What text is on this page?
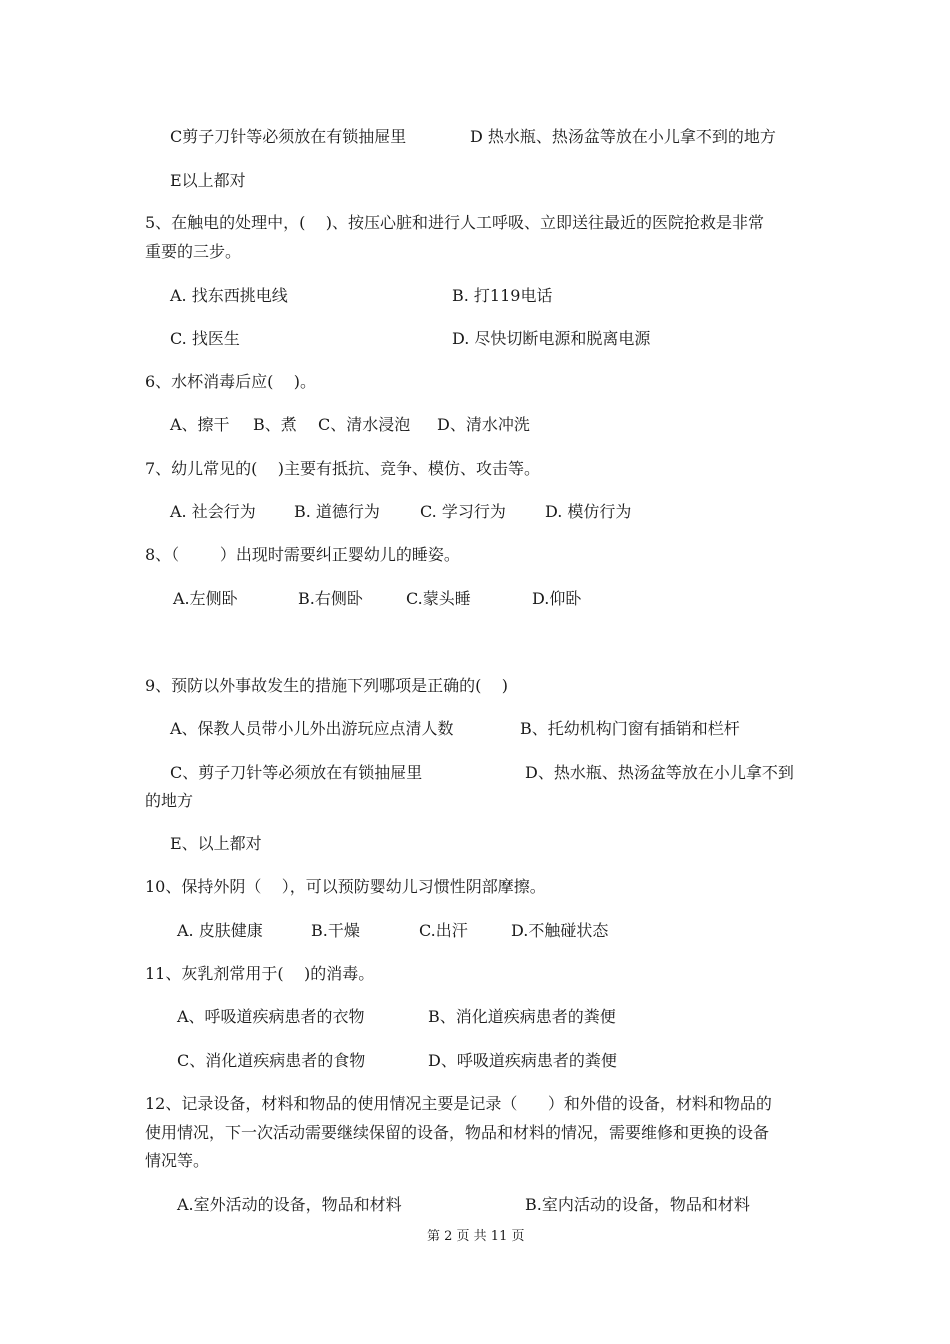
C剪子刀针等必须放在有锁抽屉里	D 热水瓶、热汤盆等放在小儿拿不到的地方
E以上都对
5、在触电的处理中，(    )、按压心脏和进行人工呼吸、立即送往最近的医院抢救是非常
重要的三步。
A. 找东西挑电线	B. 打119电话
C. 找医生	D. 尽快切断电源和脱离电源
6、水杯消毒后应(    )。
A、擦干 B、煮 C、清水浸泡 D、清水冲洗
7、幼儿常见的(    )主要有抵抗、竞争、模仿、攻击等。
A. 社会行为 B. 道德行为	C. 学习行为 D. 模仿行为
8、（        ）出现时需要纠正婴幼儿的睡姿。
A.左侧卧	B.右侧卧	C.蒙头睡	D.仰卧
9、预防以外事故发生的措施下列哪项是正确的(    )
A、保教人员带小儿外出游玩应点清人数	B、托幼机构门窗有插销和栏杆
C、剪子刀针等必须放在有锁抽屉里	D、热水瓶、热汤盆等放在小儿拿不到
的地方
E、以上都对
10、保持外阴（    ），可以预防婴幼儿习惯性阴部摩擦。
A. 皮肤健康	B.干燥	C.出汗	D.不触碰状态
11、灰乳剂常用于(    )的消毒。
A、呼吸道疾病患者的衣物	B、消化道疾病患者的粪便
C、消化道疾病患者的食物	D、呼吸道疾病患者的粪便
12、记录设备，材料和物品的使用情况主要是记录（      ）和外借的设备，材料和物品的
使用情况，下一次活动需要继续保留的设备，物品和材料的情况，需要维修和更换的设备
情况等。
A.室外活动的设备，物品和材料	B.室内活动的设备，物品和材料
第 2 页 共 11 页
